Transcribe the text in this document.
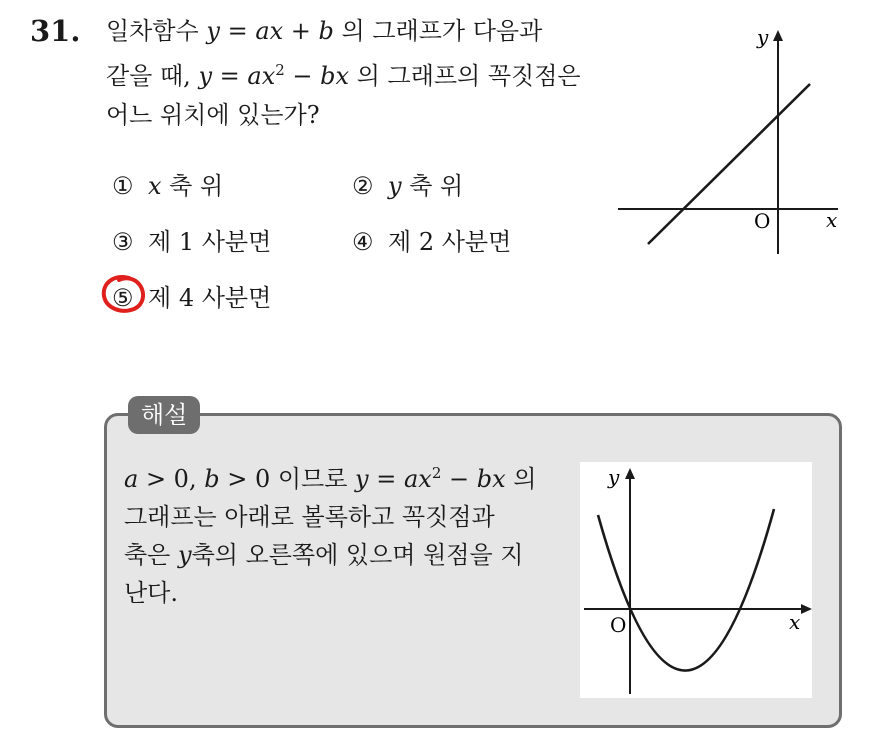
31. 일차함수 y = ax + b 의 그래프가 다음과
같을 때, $y = ax^2$ − bx 의 그래프의 꼭짓점은
어느 위치에 있는가?
① x 축 위	② y 축 위
③ 제 1 사분면	④ 제 2 사분면
⑤ 제 4 사분면
y
x
O
해설
a > 0, b > 0 이므로 $y = ax^2$ − bx 의
그래프는 아래로 볼록하고 꼭짓점과
축은 y축의 오른쪽에 있으며 원점을 지
난다.
y
x
O
